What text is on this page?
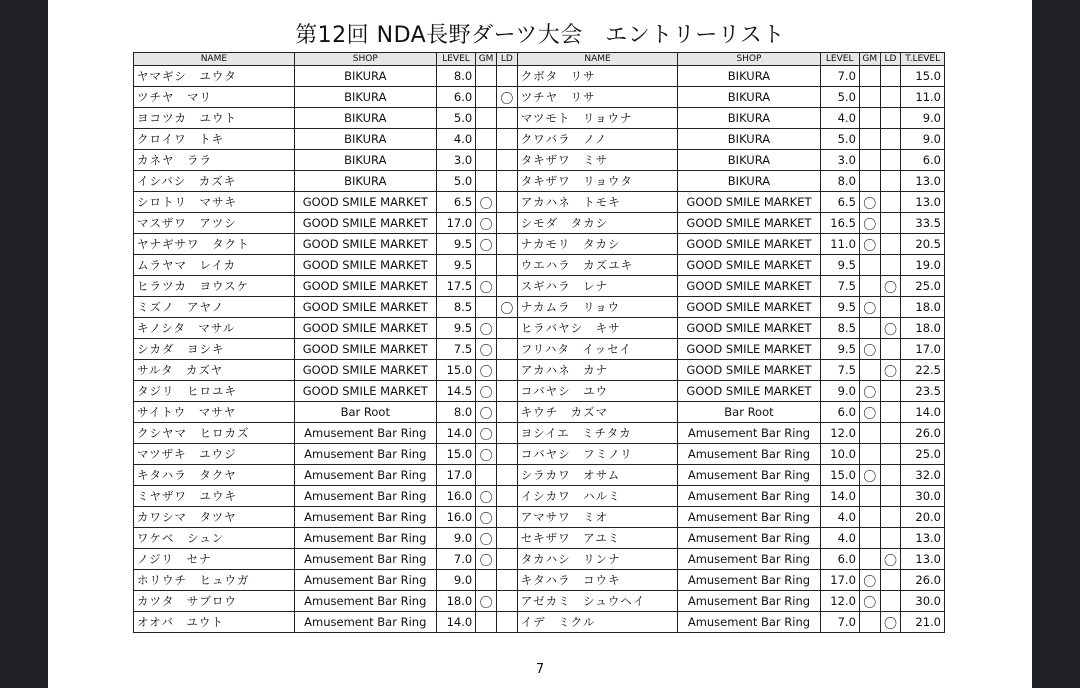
第12回 NDA長野ダーツ大会　エントリーリスト
NAME	SHOP	LEVEL	GM	LD	NAME	SHOP	LEVEL	GM	LD	T.LEVEL
ヤマギシ　ユウタ	BIKURA	8.0			クボタ　リサ	BIKURA	7.0			15.0
ツチヤ　マリ	BIKURA	6.0		〇	ツチヤ　リサ	BIKURA	5.0			11.0
ヨコツカ　ユウト	BIKURA	5.0			マツモト　リョウナ	BIKURA	4.0			9.0
クロイワ　トキ	BIKURA	4.0			クワバラ　ノノ	BIKURA	5.0			9.0
カネヤ　ララ	BIKURA	3.0			タキザワ　ミサ	BIKURA	3.0			6.0
イシバシ　カズキ	BIKURA	5.0			タキザワ　リョウタ	BIKURA	8.0			13.0
シロトリ　マサキ	GOOD SMILE MARKET	6.5	〇		アカハネ　トモキ	GOOD SMILE MARKET	6.5	〇		13.0
マスザワ　アツシ	GOOD SMILE MARKET	17.0	〇		シモダ　タカシ	GOOD SMILE MARKET	16.5	〇		33.5
ヤナギサワ　タクト	GOOD SMILE MARKET	9.5	〇		ナカモリ　タカシ	GOOD SMILE MARKET	11.0	〇		20.5
ムラヤマ　レイカ	GOOD SMILE MARKET	9.5			ウエハラ　カズユキ	GOOD SMILE MARKET	9.5			19.0
ヒラツカ　ヨウスケ	GOOD SMILE MARKET	17.5	〇		スギハラ　レナ	GOOD SMILE MARKET	7.5		〇	25.0
ミズノ　アヤノ	GOOD SMILE MARKET	8.5		〇	ナカムラ　リョウ	GOOD SMILE MARKET	9.5	〇		18.0
キノシタ　マサル	GOOD SMILE MARKET	9.5	〇		ヒラバヤシ　キサ	GOOD SMILE MARKET	8.5		〇	18.0
シカダ　ヨシキ	GOOD SMILE MARKET	7.5	〇		フリハタ　イッセイ	GOOD SMILE MARKET	9.5	〇		17.0
サルタ　カズヤ	GOOD SMILE MARKET	15.0	〇		アカハネ　カナ	GOOD SMILE MARKET	7.5		〇	22.5
タジリ　ヒロユキ	GOOD SMILE MARKET	14.5	〇		コバヤシ　ユウ	GOOD SMILE MARKET	9.0	〇		23.5
サイトウ　マサヤ	Bar Root	8.0	〇		キウチ　カズマ	Bar Root	6.0	〇		14.0
クシヤマ　ヒロカズ	Amusement Bar Ring	14.0	〇		ヨシイエ　ミチタカ	Amusement Bar Ring	12.0			26.0
マツザキ　ユウジ	Amusement Bar Ring	15.0	〇		コバヤシ　フミノリ	Amusement Bar Ring	10.0			25.0
キタハラ　タクヤ	Amusement Bar Ring	17.0			シラカワ　オサム	Amusement Bar Ring	15.0	〇		32.0
ミヤザワ　ユウキ	Amusement Bar Ring	16.0	〇		イシカワ　ハルミ	Amusement Bar Ring	14.0			30.0
カワシマ　タツヤ	Amusement Bar Ring	16.0	〇		アマサワ　ミオ	Amusement Bar Ring	4.0			20.0
ワケベ　シュン	Amusement Bar Ring	9.0	〇		セキザワ　アユミ	Amusement Bar Ring	4.0			13.0
ノジリ　セナ	Amusement Bar Ring	7.0	〇		タカハシ　リンナ	Amusement Bar Ring	6.0		〇	13.0
ホリウチ　ヒュウガ	Amusement Bar Ring	9.0			キタハラ　コウキ	Amusement Bar Ring	17.0	〇		26.0
カツタ　サブロウ	Amusement Bar Ring	18.0	〇		アゼカミ　シュウヘイ	Amusement Bar Ring	12.0	〇		30.0
オオバ　ユウト	Amusement Bar Ring	14.0			イデ　ミクル	Amusement Bar Ring	7.0		〇	21.0
7
